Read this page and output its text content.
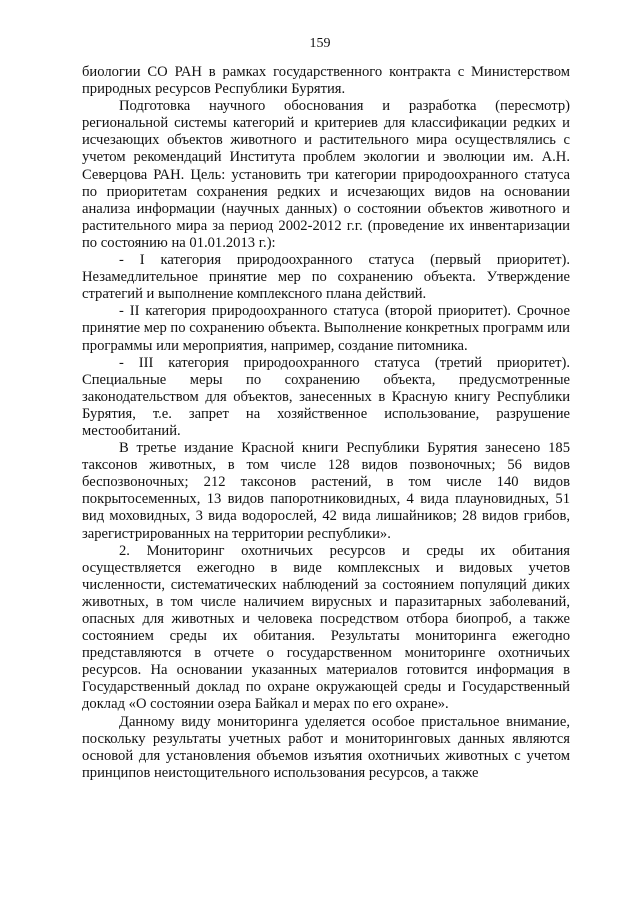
159

биологии СО РАН в рамках государственного контракта с Министерством природных ресурсов Республики Бурятия.

Подготовка научного обоснования и разработка (пересмотр) региональной системы категорий и критериев для классификации редких и исчезающих объектов животного и растительного мира осуществлялись с учетом рекомендаций Института проблем экологии и эволюции им. А.Н. Северцова РАН. Цель: установить три категории природоохранного статуса по приоритетам сохранения редких и исчезающих видов на основании анализа информации (научных данных) о состоянии объектов животного и растительного мира за период 2002-2012 г.г. (проведение их инвентаризации по состоянию на 01.01.2013 г.):

- I категория природоохранного статуса (первый приоритет). Незамедлительное принятие мер по сохранению объекта. Утверждение стратегий и выполнение комплексного плана действий.

- II категория природоохранного статуса (второй приоритет). Срочное принятие мер по сохранению объекта. Выполнение конкретных программ или программы или мероприятия, например, создание питомника.

- III категория природоохранного статуса (третий приоритет). Специальные меры по сохранению объекта, предусмотренные законодательством для объектов, занесенных в Красную книгу Республики Бурятия, т.е. запрет на хозяйственное использование, разрушение местообитаний.

В третье издание Красной книги Республики Бурятия занесено 185 таксонов животных, в том числе 128 видов позвоночных; 56 видов беспозвоночных; 212 таксонов растений, в том числе 140 видов покрытосеменных, 13 видов папоротниковидных, 4 вида плауновидных, 51 вид моховидных, 3 вида водорослей, 42 вида лишайников; 28 видов грибов, зарегистрированных на территории республики».

2. Мониторинг охотничьих ресурсов и среды их обитания осуществляется ежегодно в виде комплексных и видовых учетов численности, систематических наблюдений за состоянием популяций диких животных, в том числе наличием вирусных и паразитарных заболеваний, опасных для животных и человека посредством отбора биопроб, а также состоянием среды их обитания. Результаты мониторинга ежегодно представляются в отчете о государственном мониторинге охотничьих ресурсов. На основании указанных материалов готовится информация в Государственный доклад по охране окружающей среды и Государственный доклад «О состоянии озера Байкал и мерах по его охране».

Данному виду мониторинга уделяется особое пристальное внимание, поскольку результаты учетных работ и мониторинговых данных являются основой для установления объемов изъятия охотничьих животных с учетом принципов неистощительного использования ресурсов, а также
